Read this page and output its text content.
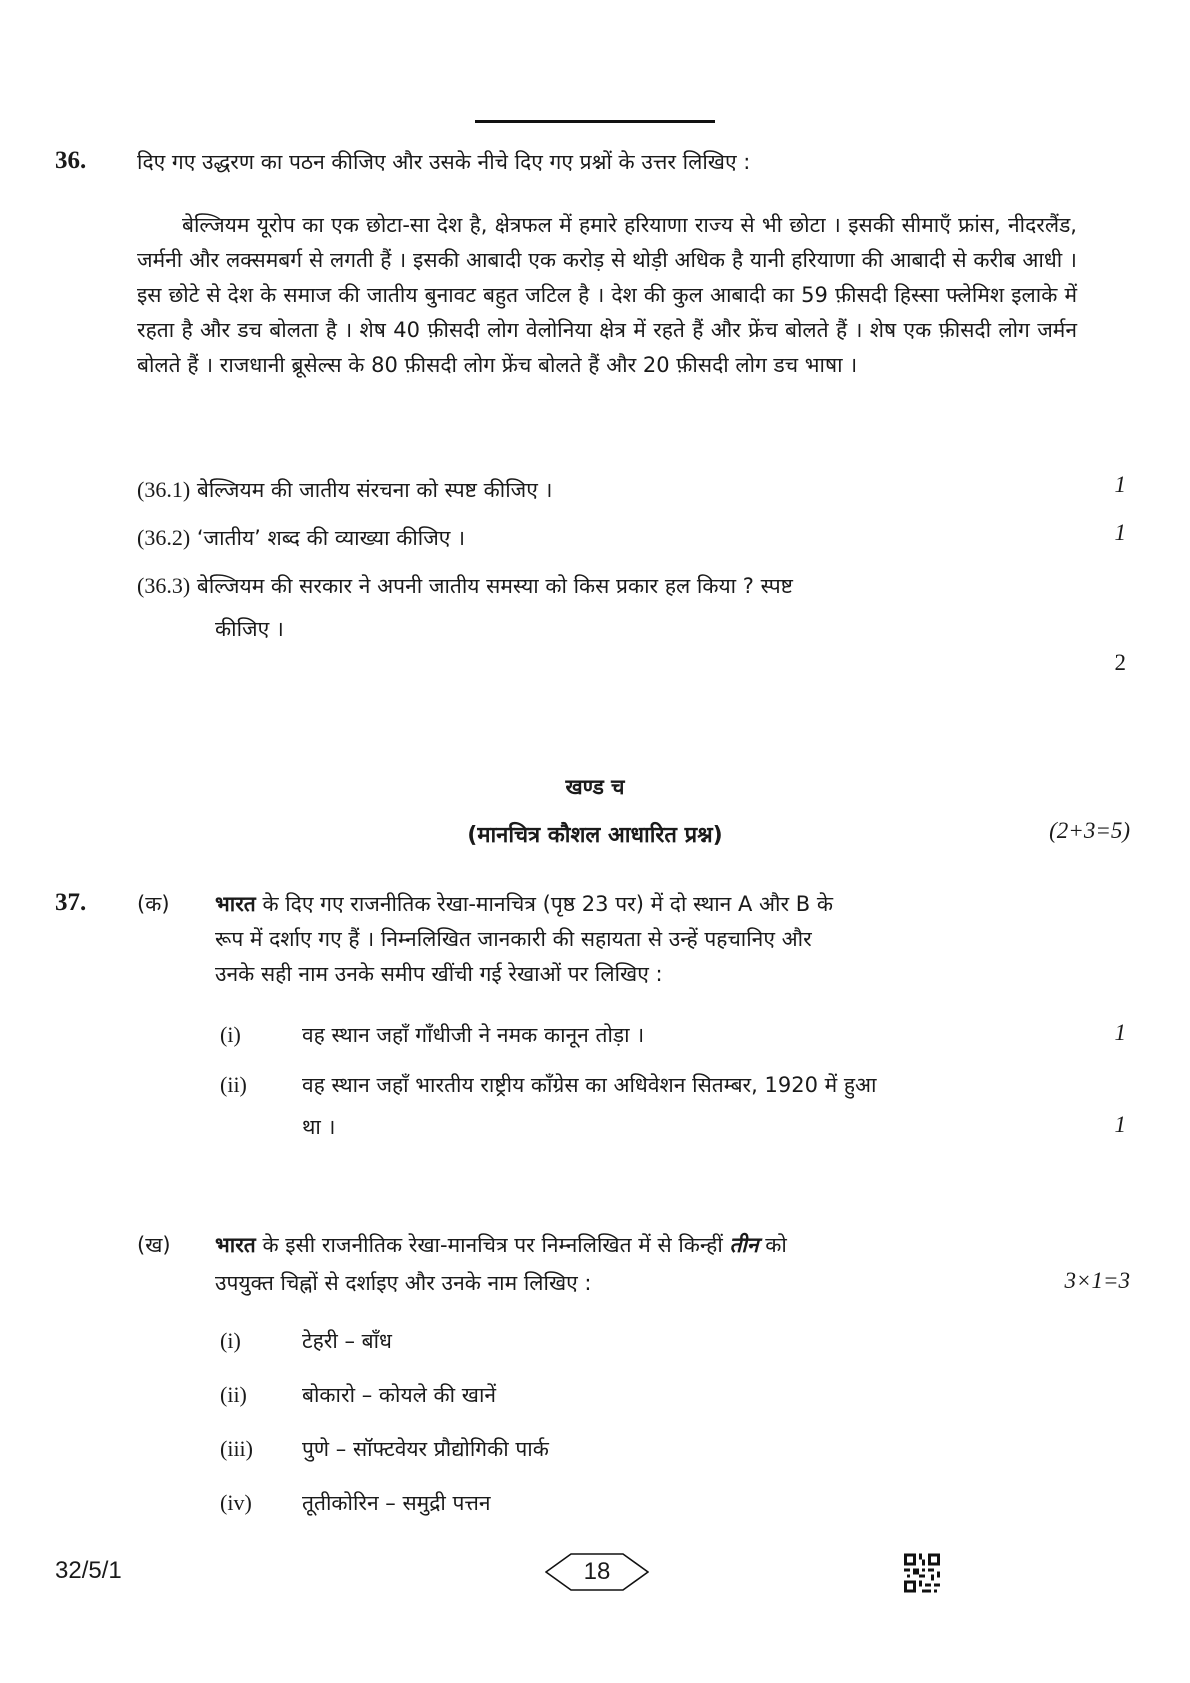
36. दिए गए उद्धरण का पठन कीजिए और उसके नीचे दिए गए प्रश्नों के उत्तर लिखिए :

बेल्जियम यूरोप का एक छोटा-सा देश है, क्षेत्रफल में हमारे हरियाणा राज्य से भी छोटा । इसकी सीमाएँ फ्रांस, नीदरलैंड, जर्मनी और लक्समबर्ग से लगती हैं । इसकी आबादी एक करोड़ से थोड़ी अधिक है यानी हरियाणा की आबादी से करीब आधी । इस छोटे से देश के समाज की जातीय बुनावट बहुत जटिल है । देश की कुल आबादी का 59 फ़ीसदी हिस्सा फ्लेमिश इलाके में रहता है और डच बोलता है । शेष 40 फ़ीसदी लोग वेलोनिया क्षेत्र में रहते हैं और फ्रेंच बोलते हैं । शेष एक फ़ीसदी लोग जर्मन बोलते हैं । राजधानी ब्रूसेल्स के 80 फ़ीसदी लोग फ्रेंच बोलते हैं और 20 फ़ीसदी लोग डच भाषा ।

(36.1) बेल्जियम की जातीय संरचना को स्पष्ट कीजिए ।	1
(36.2) ‘जातीय’ शब्द की व्याख्या कीजिए ।	1
(36.3) बेल्जियम की सरकार ने अपनी जातीय समस्या को किस प्रकार हल किया ? स्पष्ट
कीजिए ।
2
खण्ड च
(मानचित्र कौशल आधारित प्रश्न)	(2+3=5)
37. (क) भारत के दिए गए राजनीतिक रेखा-मानचित्र (पृष्ठ 23 पर) में दो स्थान A और B के
रूप में दर्शाए गए हैं । निम्नलिखित जानकारी की सहायता से उन्हें पहचानिए और
उनके सही नाम उनके समीप खींची गई रेखाओं पर लिखिए :
(i)	वह स्थान जहाँ गाँधीजी ने नमक कानून तोड़ा ।	1
(ii)	वह स्थान जहाँ भारतीय राष्ट्रीय काँग्रेस का अधिवेशन सितम्बर, 1920 में हुआ
था ।	1
(ख) भारत के इसी राजनीतिक रेखा-मानचित्र पर निम्नलिखित में से किन्हीं तीन को
उपयुक्त चिह्नों से दर्शाइए और उनके नाम लिखिए :	3×1=3
(i)	टेहरी – बाँध
(ii)	बोकारो – कोयले की खानें
(iii) पुणे – सॉफ्टवेयर प्रौद्योगिकी पार्क
(iv) तूतीकोरिन – समुद्री पत्तन
32/5/1	18
